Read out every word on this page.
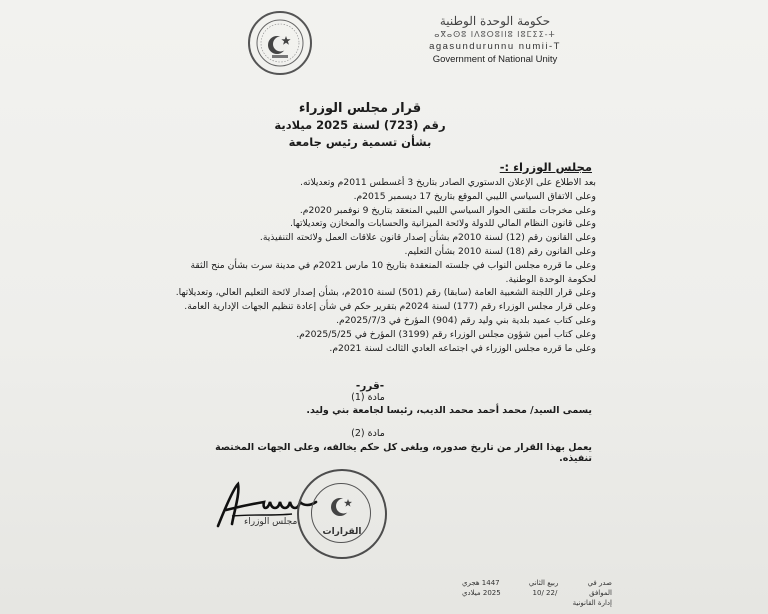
حكومة الوحدة الوطنية
ⴰⴳⴰⵙⵓ ⵏⴷⵓⵔⵓⵏⵏⵓ ⵏⵓⵎⵉⵉ-ⵜ
agasundurunnu numii-T
Government of National Unity
قرار مجلس الوزراء
رقم (723) لسنة 2025 ميلادية
بشأن تسمية رئيس جامعة
مجلس الوزراء :-
بعد الاطلاع على الإعلان الدستوري الصادر بتاريخ 3 أغسطس 2011م وتعديلاته.
وعلى الاتفاق السياسي الليبي الموقع بتاريخ 17 ديسمبر 2015م.
وعلى مخرجات ملتقى الحوار السياسي الليبي المنعقد بتاريخ 9 نوفمبر 2020م.
وعلى قانون النظام المالي للدولة ولائحة الميزانية والحسابات والمخازن وتعديلاتها.
وعلى القانون رقم (12) لسنة 2010م بشأن إصدار قانون علاقات العمل ولائحته التنفيذية.
وعلى القانون رقم (18) لسنة 2010 بشأن التعليم.
وعلى ما قرره مجلس النواب في جلسته المنعقدة بتاريخ 10 مارس 2021م في مدينة سرت بشأن منح الثقة لحكومة الوحدة الوطنية.
وعلى قرار اللجنة الشعبية العامة (سابقا) رقم (501) لسنة 2010م، بشأن إصدار لائحة التعليم العالي، وتعديلاتها.
وعلى قرار مجلس الوزراء رقم (177) لسنة 2024م بتقرير حكم في شأن إعادة تنظيم الجهات الإدارية العامة.
وعلى كتاب عميد بلدية بني وليد رقم (904) المؤرخ في 2025/7/3م.
وعلى كتاب أمين شؤون مجلس الوزراء رقم (3199) المؤرخ في 2025/5/25م.
وعلى ما قرره مجلس الوزراء في اجتماعه العادي الثالث لسنة 2021م.
-قرر-
مادة (1)
يسمى السيد/ محمد أحمد محمد الديب، رئيسا لجامعة بني وليد.
مادة (2)
يعمل بهذا القرار من تاريخ صدوره، ويلغى كل حكم يخالفه، وعلى الجهات المختصة تنفيذه.
مجلس الوزراء
القرارات
صدر في
ربيع الثاني
1447 هجري
الموافق
/22 /10
2025 ميلادي
إدارة القانونية
